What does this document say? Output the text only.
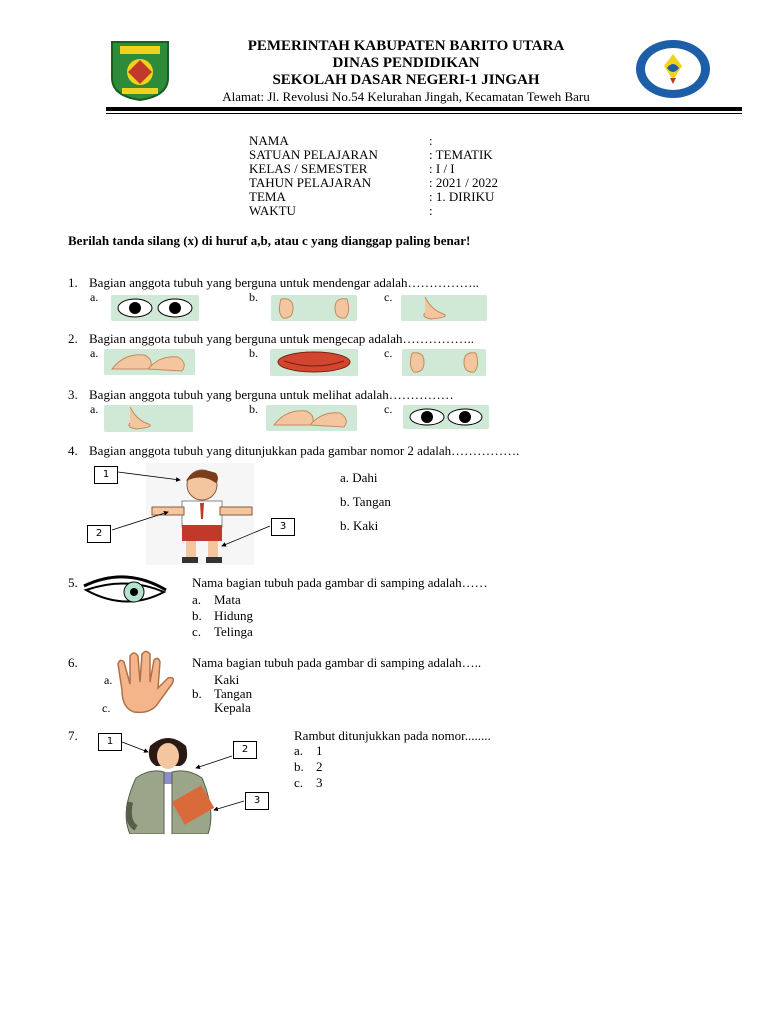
PEMERINTAH KABUPATEN BARITO UTARA
DINAS PENDIDIKAN
SEKOLAH DASAR NEGERI-1 JINGAH
Alamat: Jl. Revolusi No.54 Kelurahan Jingah, Kecamatan Teweh Baru
NAMA	:
SATUAN PELAJARAN	: TEMATIK
KELAS / SEMESTER	: I / I
TAHUN PELAJARAN	: 2021 / 2022
TEMA	: 1. DIRIKU
WAKTU	:
Berilah tanda silang (x) di huruf a,b, atau c yang dianggap paling benar!
1. Bagian anggota tubuh yang berguna untuk mendengar adalah……………..
a.	b.	c.
2. Bagian anggota tubuh yang berguna untuk mengecap adalah……………..
a.	b.	c.
3. Bagian anggota tubuh yang berguna untuk melihat adalah……………
a.	b.	c.
4. Bagian anggota tubuh yang ditunjukkan pada gambar nomor 2 adalah…………….
1
2
3
a. Dahi
b. Tangan
b. Kaki
5.	Nama bagian tubuh pada gambar di samping adalah……
a. Mata
b. Hidung
c. Telinga
6.	Nama bagian tubuh pada gambar di samping adalah…..
a.
c.
Kaki
b. Tangan
Kepala
7.	1
2
3
Rambut ditunjukkan pada nomor........
a. 1
b. 2
c. 3
